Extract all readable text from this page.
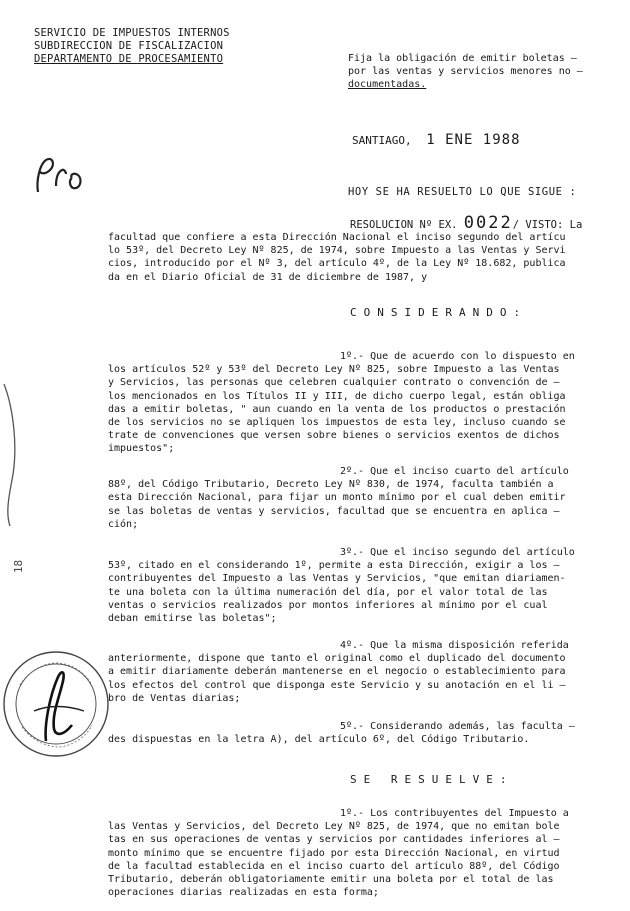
SERVICIO DE IMPUESTOS INTERNOS
SUBDIRECCION DE FISCALIZACION
DEPARTAMENTO DE PROCESAMIENTO	Fija la obligación de emitir boletas —
por las ventas y servicios menores no —
documentadas.
SANTIAGO, 1 ENE 1988
HOY SE HA RESUELTO LO QUE SIGUE :
RESOLUCION Nº EX. 0022/ VISTO: La
facultad que confiere a esta Dirección Nacional el inciso segundo del artícu
lo 53º, del Decreto Ley Nº 825, de 1974, sobre Impuesto a las Ventas y Servi
cios, introducido por el Nº 3, del artículo 4º, de la Ley Nº 18.682, publica
da en el Diario Oficial de 31 de diciembre de 1987, y
CONSIDERANDO:
1º.- Que de acuerdo con lo dispuesto en
los artículos 52º y 53º del Decreto Ley Nº 825, sobre Impuesto a las Ventas
y Servicios, las personas que celebren cualquier contrato o convención de —
los mencionados en los Títulos II y III, de dicho cuerpo legal, están obliga
das a emitir boletas, " aun cuando en la venta de los productos o prestación
de los servicios no se apliquen los impuestos de esta ley, incluso cuando se
trate de convenciones que versen sobre bienes o servicios exentos de dichos
impuestos";
2º.- Que el inciso cuarto del artículo
88º, del Código Tributario, Decreto Ley Nº 830, de 1974, faculta también a
esta Dirección Nacional, para fijar un monto mínimo por el cual deben emitir
se las boletas de ventas y servicios, facultad que se encuentra en aplica —
ción;
3º.- Que el inciso segundo del artículo
53º, citado en el considerando 1º, permite a esta Dirección, exigir a los —
contribuyentes del Impuesto a las Ventas y Servicios, "que emitan diariamen-
te una boleta con la última numeración del día, por el valor total de las
ventas o servicios realizados por montos inferiores al mínimo por el cual
deban emitirse las boletas";
4º.- Que la misma disposición referida
anteriormente, dispone que tanto el original como el duplicado del documento
a emitir diariamente deberán mantenerse en el negocio o establecimiento para
los efectos del control que disponga este Servicio y su anotación en el li —
bro de Ventas diarias;
5º.- Considerando además, las faculta —
des dispuestas en la letra A), del artículo 6º, del Código Tributario.
SE RESUELVE:
1º.- Los contribuyentes del Impuesto a
las Ventas y Servicios, del Decreto Ley Nº 825, de 1974, que no emitan bole
tas en sus operaciones de ventas y servicios por cantidades inferiores al —
monto mínimo que se encuentre fijado por esta Dirección Nacional, en virtud
de la facultad establecida en el inciso cuarto del artículo 88º, del Código
Tributario, deberán obligatoriamente emitir una boleta por el total de las
operaciones diarias realizadas en esta forma;
18
